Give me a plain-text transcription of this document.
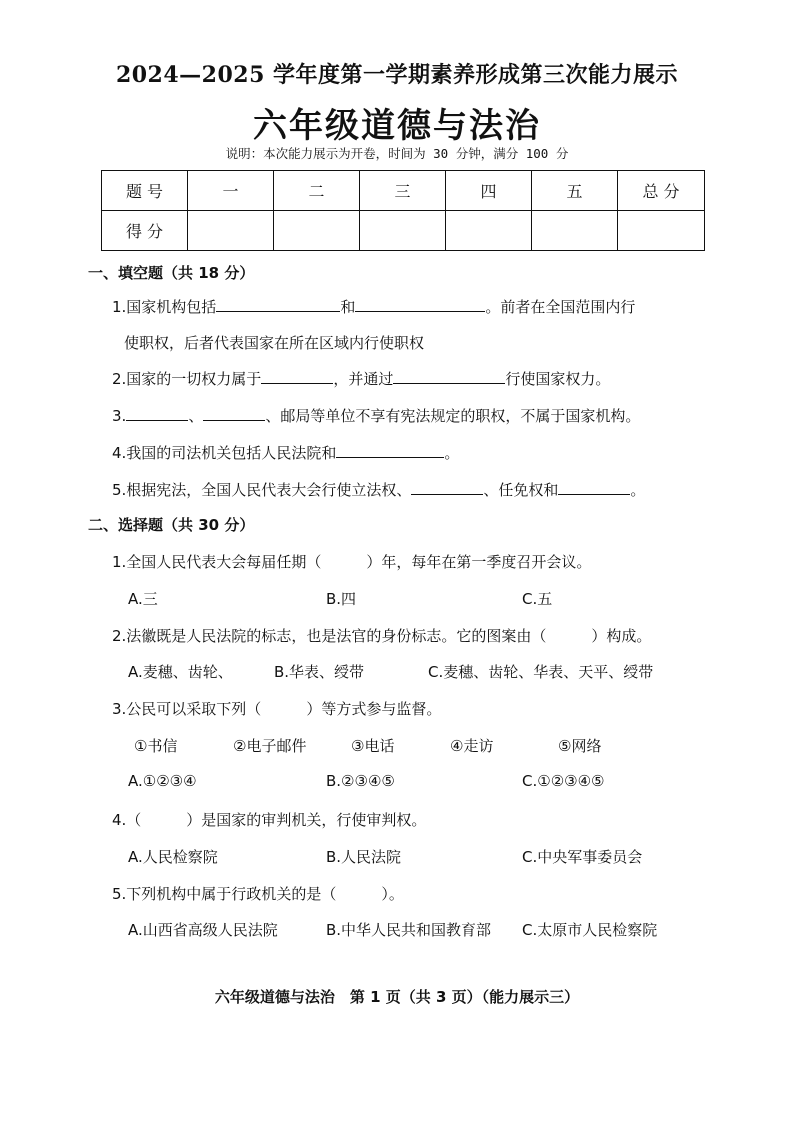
2024—2025 学年度第一学期素养形成第三次能力展示
六年级道德与法治
说明：本次能力展示为开卷，时间为 30 分钟，满分 100 分
题 号	一	二	三	四	五	总 分
得 分						
一、填空题（共 18 分）
1.国家机构包括	和	。前者在全国范围内行
使职权，后者代表国家在所在区域内行使职权
2.国家的一切权力属于	，并通过	行使国家权力。
3.	、	、邮局等单位不享有宪法规定的职权，不属于国家机构。
4.我国的司法机关包括人民法院和	。
5.根据宪法，全国人民代表大会行使立法权、	、任免权和	。
二、选择题（共 30 分）
1.全国人民代表大会每届任期（　　　）年，每年在第一季度召开会议。
A.三	B.四	C.五
2.法徽既是人民法院的标志，也是法官的身份标志。它的图案由（　　　）构成。
A.麦穗、齿轮、	B.华表、绶带	C.麦穗、齿轮、华表、天平、绶带
3.公民可以采取下列（　　　）等方式参与监督。
①书信	②电子邮件	③电话	④走访	⑤网络
A.①②③④	B.②③④⑤	C.①②③④⑤
4.（　　　）是国家的审判机关，行使审判权。
A.人民检察院	B.人民法院	C.中央军事委员会
5.下列机构中属于行政机关的是（　　　）。
A.山西省高级人民法院	B.中华人民共和国教育部 C.太原市人民检察院
六年级道德与法治　第 1 页（共 3 页）（能力展示三）
